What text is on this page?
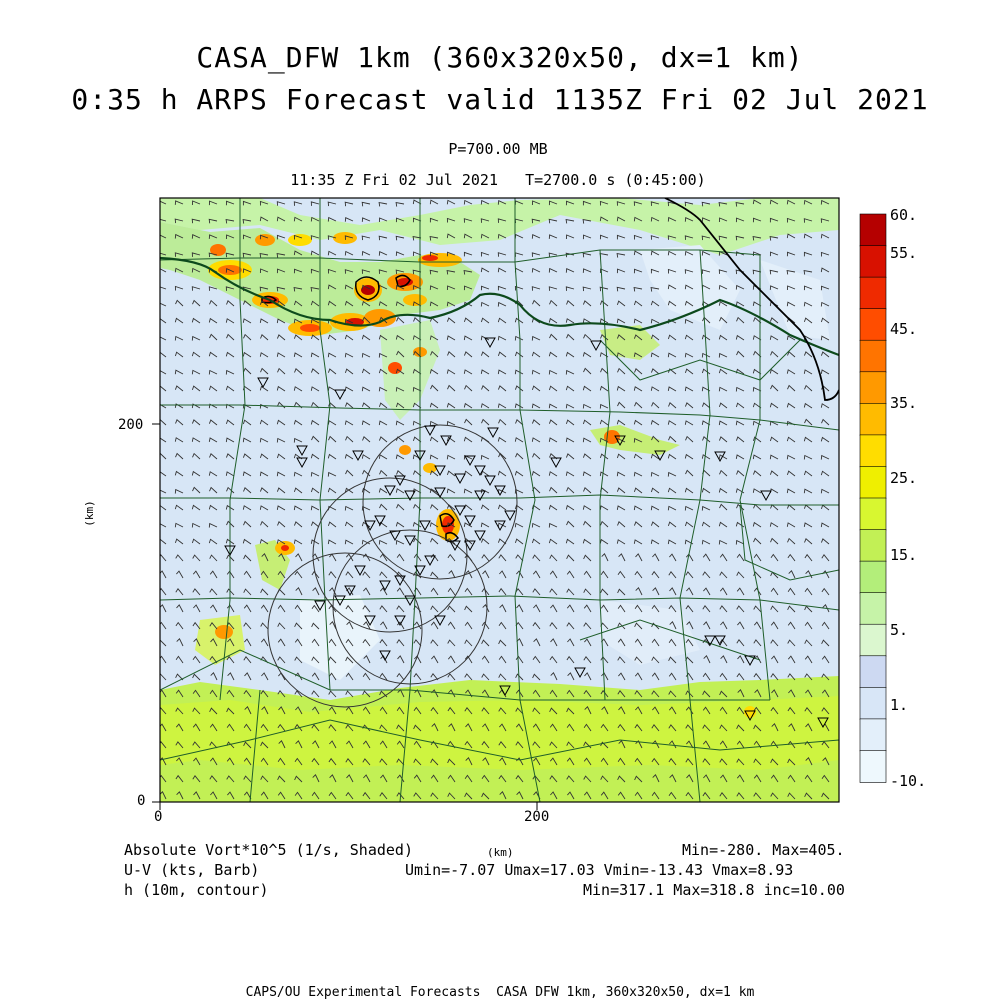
CASA_DFW 1km (360x320x50, dx=1 km)
0:35 h ARPS Forecast valid 1135Z Fri 02 Jul 2021
P=700.00 MB
11:35 Z Fri 02 Jul 2021   T=2700.0 s (0:45:00)
200
0
0	200
(km)
Absolute Vort*10^5 (1/s, Shaded)	(km)	Min=-280. Max=405.
U-V (kts, Barb)	Umin=-7.07 Umax=17.03 Vmin=-13.43 Vmax=8.93
h (10m, contour)	Min=317.1 Max=318.8 inc=10.00
CAPS/OU Experimental Forecasts  CASA DFW 1km, 360x320x50, dx=1 km
60.
55.
45.
35.
25.
15.
5.
1.
-10.
